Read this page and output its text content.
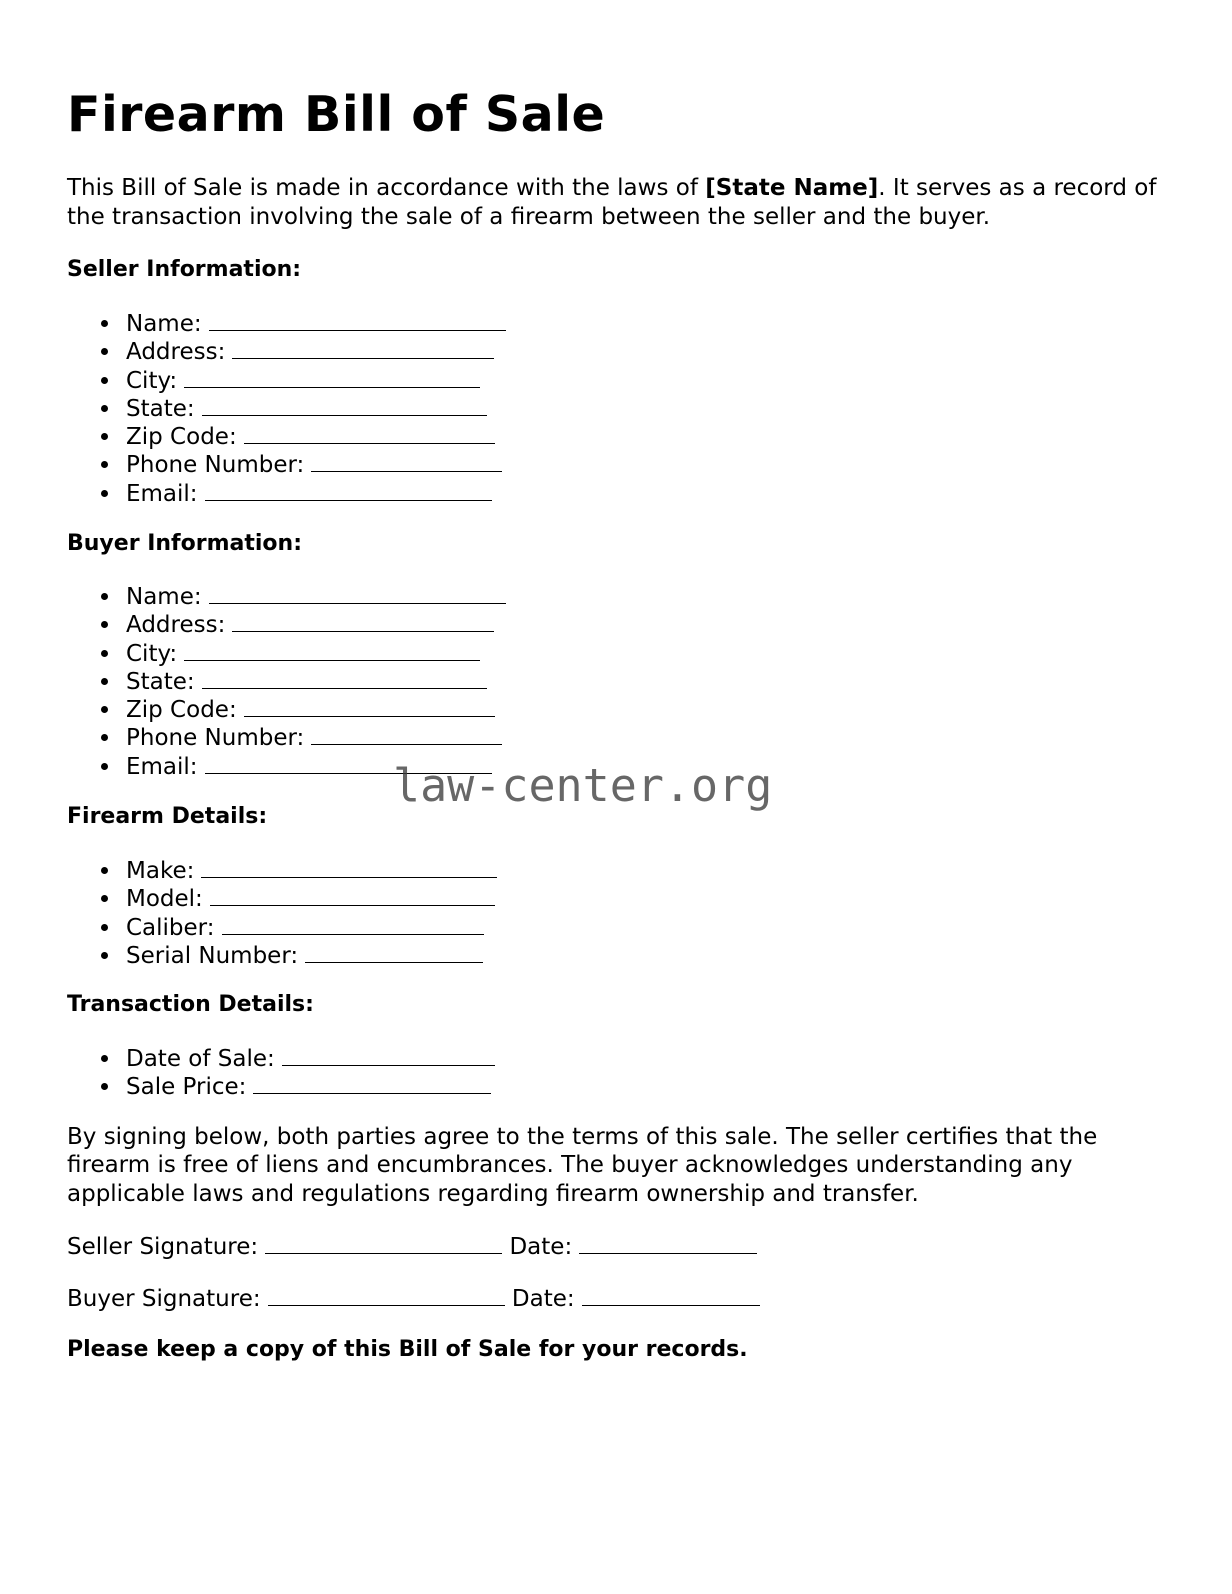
Firearm Bill of Sale

This Bill of Sale is made in accordance with the laws of [State Name]. It serves as a record of the transaction involving the sale of a firearm between the seller and the buyer.

Seller Information:
Name:
Address:
City:
State:
Zip Code:
Phone Number:
Email:
Buyer Information:
Name:
Address:
City:
State:
Zip Code:
Phone Number:
Email:
Firearm Details:
Make:
Model:
Caliber:
Serial Number:
Transaction Details:
Date of Sale:
Sale Price:

By signing below, both parties agree to the terms of this sale. The seller certifies that the firearm is free of liens and encumbrances. The buyer acknowledges understanding any applicable laws and regulations regarding firearm ownership and transfer.

Seller Signature:	Date:

Buyer Signature:	Date:

Please keep a copy of this Bill of Sale for your records.

law-center.org
